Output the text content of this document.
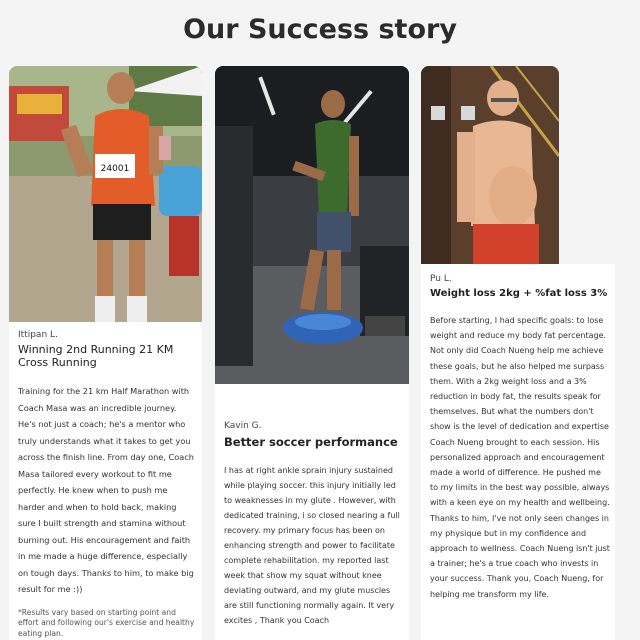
Our Success story
24001
Ittipan L.
Winning 2nd Running 21 KM Cross Running

Training for the 21 km Half Marathon with Coach Masa was an incredible journey. He's not just a coach; he's a mentor who truly understands what it takes to get you across the finish line. From day one, Coach Masa tailored every workout to fit me perfectly. He knew when to push me harder and when to hold back, making sure I built strength and stamina without burning out. His encouragement and faith in me made a huge difference, especially on tough days. Thanks to him, to make big result for me :))

*Results vary based on starting point and effort and following our's exercise and healthy eating plan.

Kavin G.
Better soccer performance

I has at right ankle sprain injury sustained while playing soccer. this injury initially led to weaknesses in my glute . However, with dedicated training, i so closed nearing a full recovery. my primary focus has been on enhancing strength and power to facilitate complete rehabilitation. my reported last week that show my squat without knee deviating outward, and my glute muscles are still functioning normally again. It very excites , Thank you Coach

Pu L.
Weight loss 2kg + %fat loss 3%

Before starting, I had specific goals: to lose weight and reduce my body fat percentage. Not only did Coach Nueng help me achieve these goals, but he also helped me surpass them. With a 2kg weight loss and a 3% reduction in body fat, the results speak for themselves. But what the numbers don't show is the level of dedication and expertise Coach Nueng brought to each session. His personalized approach and encouragement made a world of difference. He pushed me to my limits in the best way possible, always with a keen eye on my health and wellbeing. Thanks to him, I've not only seen changes in my physique but in my confidence and approach to wellness. Coach Nueng isn't just a trainer; he's a true coach who invests in your success. Thank you, Coach Nueng, for helping me transform my life.
